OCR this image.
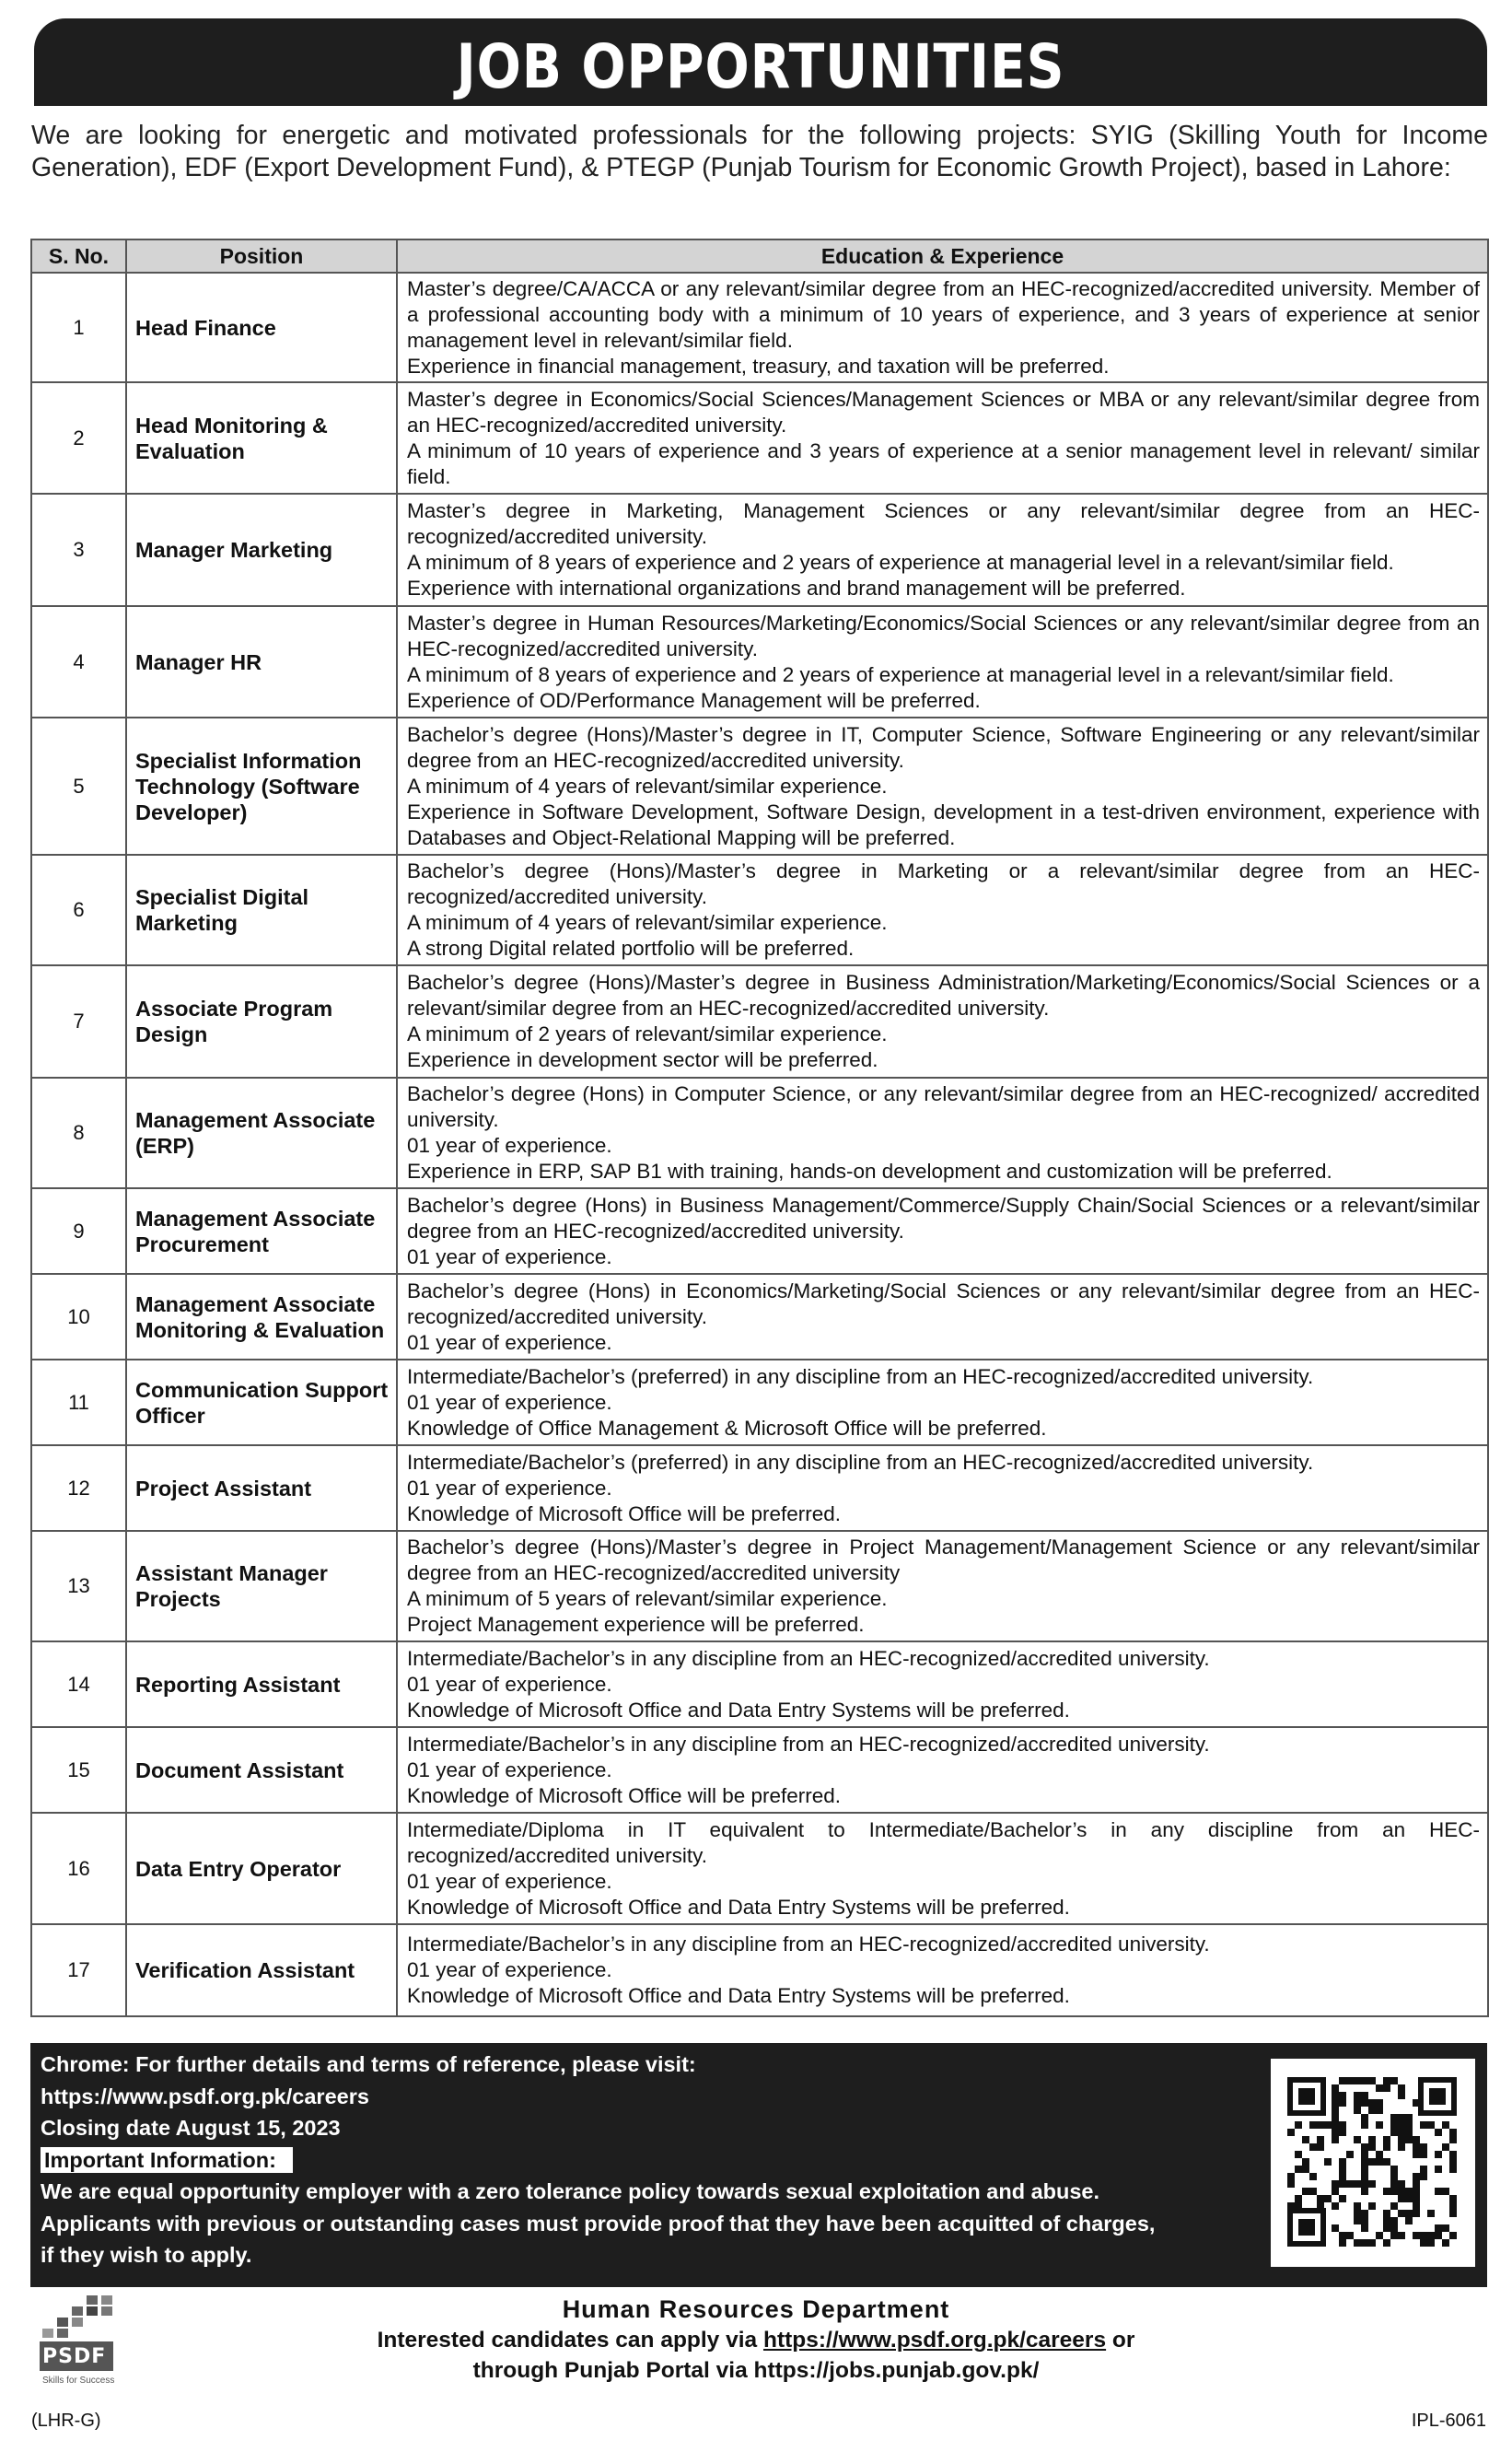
JOB OPPORTUNITIES
We are looking for energetic and motivated professionals for the following projects: SYIG (Skilling Youth for Income Generation), EDF (Export Development Fund), & PTEGP (Punjab Tourism for Economic Growth Project), based in Lahore:
S. No.	Position	Education & Experience
1	Head Finance	Master’s degree/CA/ACCA or any relevant/similar degree from an HEC-recognized/accredited university. Member of a professional accounting body with a minimum of 10 years of experience, and 3 years of experience at senior management level in relevant/similar field.
Experience in financial management, treasury, and taxation will be preferred.

2	Head Monitoring & Evaluation	Master’s degree in Economics/Social Sciences/Management Sciences or MBA or any relevant/similar degree from an HEC-recognized/accredited university.
A minimum of 10 years of experience and 3 years of experience at a senior management level in relevant/ similar field.

3	Manager Marketing	Master’s degree in Marketing, Management Sciences or any relevant/similar degree from an HEC-recognized/accredited university.
A minimum of 8 years of experience and 2 years of experience at managerial level in a relevant/similar field.
Experience with international organizations and brand management will be preferred.

4	Manager HR	Master’s degree in Human Resources/Marketing/Economics/Social Sciences or any relevant/similar degree from an HEC-recognized/accredited university.
A minimum of 8 years of experience and 2 years of experience at managerial level in a relevant/similar field.
Experience of OD/Performance Management will be preferred.

5	Specialist Information Technology (Software Developer)	Bachelor’s degree (Hons)/Master’s degree in IT, Computer Science, Software Engineering or any relevant/similar degree from an HEC-recognized/accredited university.
A minimum of 4 years of relevant/similar experience.
Experience in Software Development, Software Design, development in a test-driven environment, experience with Databases and Object-Relational Mapping will be preferred.

6	Specialist Digital Marketing	Bachelor’s degree (Hons)/Master’s degree in Marketing or a relevant/similar degree from an HEC-recognized/accredited university.
A minimum of 4 years of relevant/similar experience.
A strong Digital related portfolio will be preferred.

7	Associate Program Design	Bachelor’s degree (Hons)/Master’s degree in Business Administration/Marketing/Economics/Social Sciences or a relevant/similar degree from an HEC-recognized/accredited university.
A minimum of 2 years of relevant/similar experience.
Experience in development sector will be preferred.

8	Management Associate (ERP)	Bachelor’s degree (Hons) in Computer Science, or any relevant/similar degree from an HEC-recognized/ accredited university.
01 year of experience.
Experience in ERP, SAP B1 with training, hands-on development and customization will be preferred.

9	Management Associate Procurement	Bachelor’s degree (Hons) in Business Management/Commerce/Supply Chain/Social Sciences or a relevant/similar degree from an HEC-recognized/accredited university.
01 year of experience.

10	Management Associate Monitoring & Evaluation	Bachelor’s degree (Hons) in Economics/Marketing/Social Sciences or any relevant/similar degree from an HEC-recognized/accredited university.
01 year of experience.

11	Communication Support Officer	Intermediate/Bachelor’s (preferred) in any discipline from an HEC-recognized/accredited university.
01 year of experience.
Knowledge of Office Management & Microsoft Office will be preferred.

12	Project Assistant	Intermediate/Bachelor’s (preferred) in any discipline from an HEC-recognized/accredited university.
01 year of experience.
Knowledge of Microsoft Office will be preferred.

13	Assistant Manager Projects	Bachelor’s degree (Hons)/Master’s degree in Project Management/Management Science or any relevant/similar degree from an HEC-recognized/accredited university
A minimum of 5 years of relevant/similar experience.
Project Management experience will be preferred.

14	Reporting Assistant	Intermediate/Bachelor’s in any discipline from an HEC-recognized/accredited university.
01 year of experience.
Knowledge of Microsoft Office and Data Entry Systems will be preferred.

15	Document Assistant	Intermediate/Bachelor’s in any discipline from an HEC-recognized/accredited university.
01 year of experience.
Knowledge of Microsoft Office will be preferred.

16	Data Entry Operator	Intermediate/Diploma in IT equivalent to Intermediate/Bachelor’s in any discipline from an HEC-recognized/accredited university.
01 year of experience.
Knowledge of Microsoft Office and Data Entry Systems will be preferred.

17	Verification Assistant	Intermediate/Bachelor’s in any discipline from an HEC-recognized/accredited university.
01 year of experience.
Knowledge of Microsoft Office and Data Entry Systems will be preferred.
Chrome: For further details and terms of reference, please visit:
https://www.psdf.org.pk/careers
Closing date August 15, 2023
Important Information:
We are equal opportunity employer with a zero tolerance policy towards sexual exploitation and abuse.
Applicants with previous or outstanding cases must provide proof that they have been acquitted of charges,
if they wish to apply.
PSDF
Skills for Success
Human Resources Department
Interested candidates can apply via https://www.psdf.org.pk/careers or
through Punjab Portal via https://jobs.punjab.gov.pk/
(LHR-G)	IPL-6061
